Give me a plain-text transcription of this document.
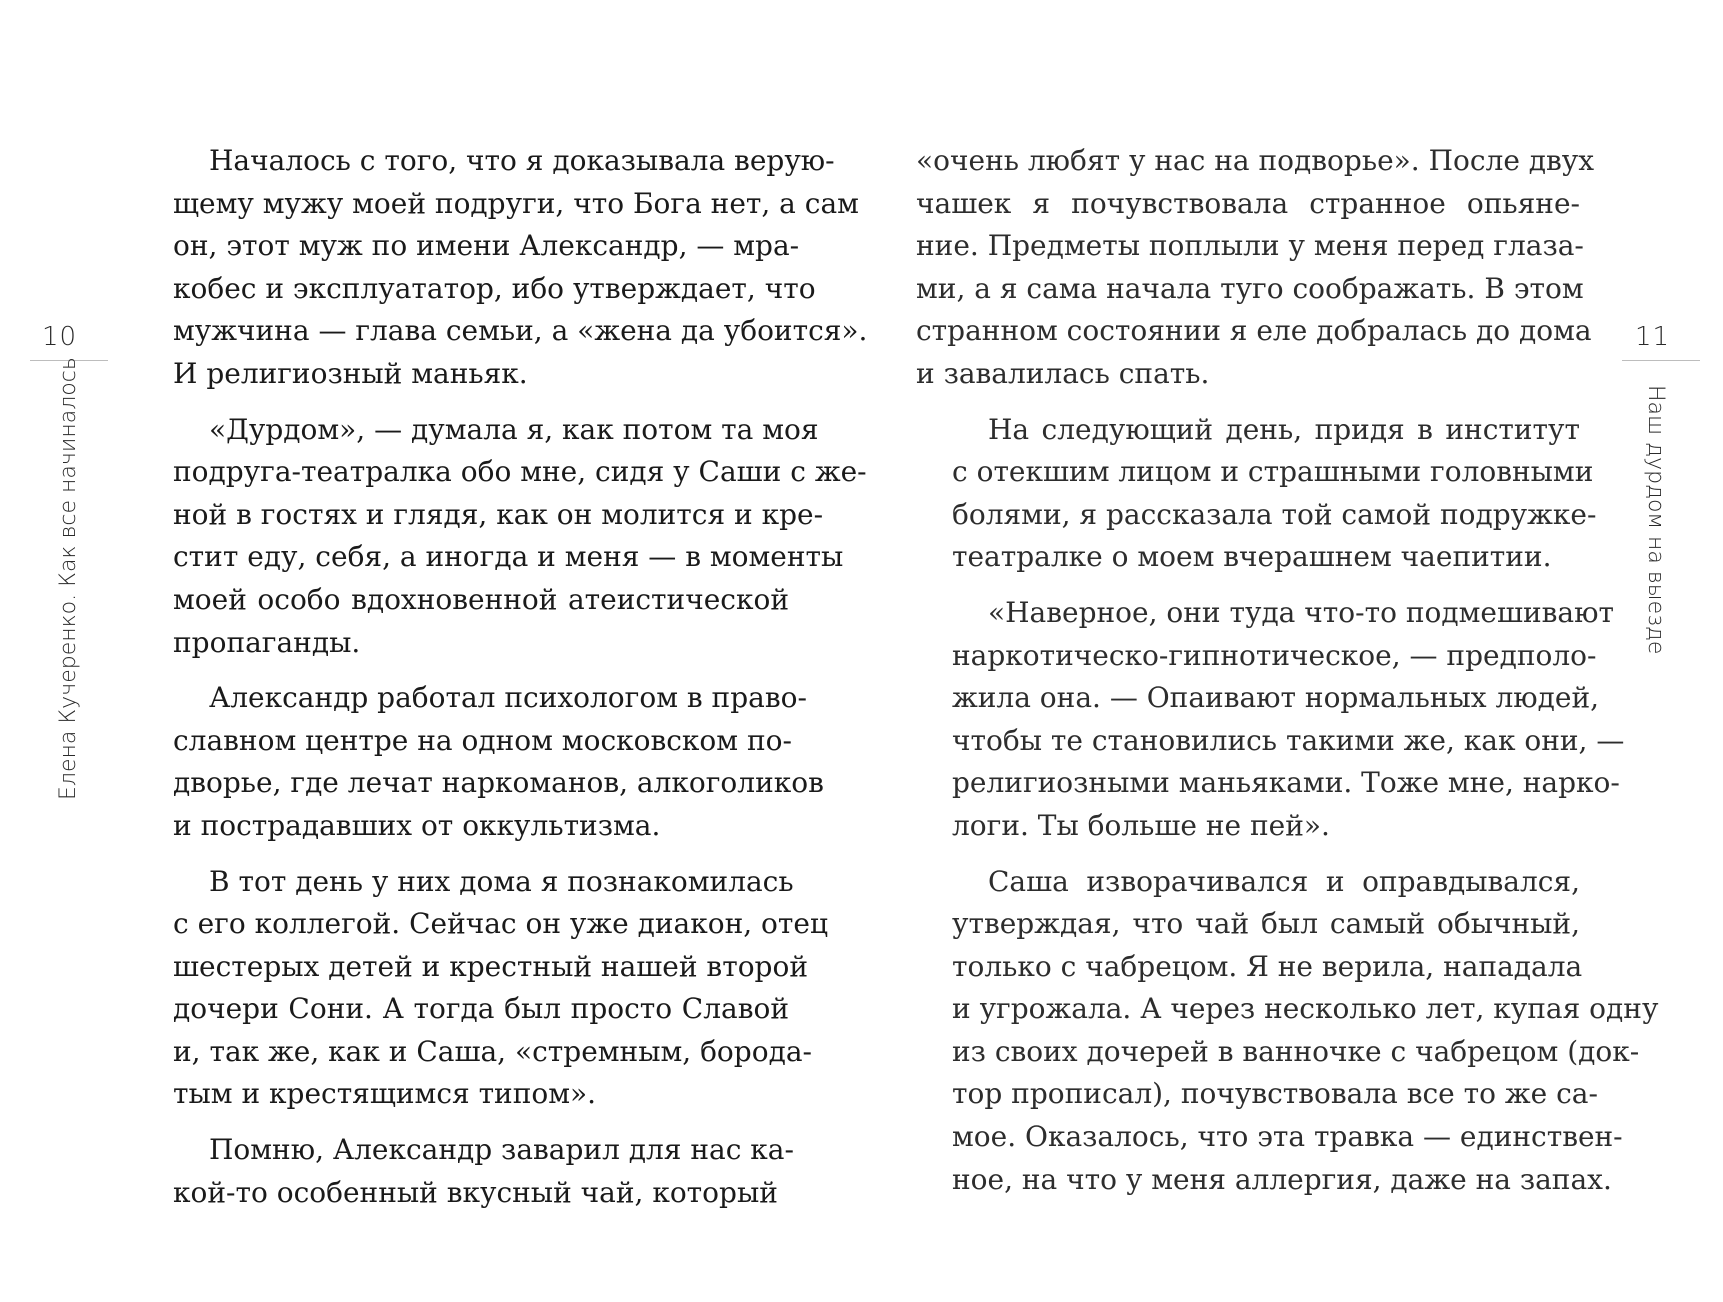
10
Елена Кучеренко. Как все начиналось
Началось с того, что я доказывала верую-
щему мужу моей подруги, что Бога нет, а сам
он, этот муж по имени Александр, — мра-
кобес и эксплуататор, ибо утверждает, что
мужчина — глава семьи, а «жена да убоится».
И религиозный маньяк.
«Дурдом», — думала я, как потом та моя
подруга-театралка обо мне, сидя у Саши с же-
ной в гостях и глядя, как он молится и кре-
стит еду, себя, а иногда и меня — в моменты
моей особо вдохновенной атеистической
пропаганды.
Александр работал психологом в право-
славном центре на одном московском по-
дворье, где лечат наркоманов, алкоголиков
и пострадавших от оккультизма.
В тот день у них дома я познакомилась
с его коллегой. Сейчас он уже диакон, отец
шестерых детей и крестный нашей второй
дочери Сони. А тогда был просто Славой
и, так же, как и Саша, «стремным, борода-
тым и крестящимся типом».
Помню, Александр заварил для нас ка-
кой-то особенный вкусный чай, который
11
Наш дурдом на выезде
«очень любят у нас на подворье». После двух
чашек я почувствовала странное опьяне-
ние. Предметы поплыли у меня перед глаза-
ми, а я сама начала туго соображать. В этом
странном состоянии я еле добралась до дома
и завалилась спать.
На следующий день, придя в институт
с отекшим лицом и страшными головными
болями, я рассказала той самой подружке-
театралке о моем вчерашнем чаепитии.
«Наверное, они туда что-то подмешивают
наркотическо-гипнотическое, — предполо-
жила она. — Опаивают нормальных людей,
чтобы те становились такими же, как они, —
религиозными маньяками. Тоже мне, нарко-
логи. Ты больше не пей».
Саша изворачивался и оправдывался,
утверждая, что чай был самый обычный,
только с чабрецом. Я не верила, нападала
и угрожала. А через несколько лет, купая одну
из своих дочерей в ванночке с чабрецом (док-
тор прописал), почувствовала все то же са-
мое. Оказалось, что эта травка — единствен-
ное, на что у меня аллергия, даже на запах.
